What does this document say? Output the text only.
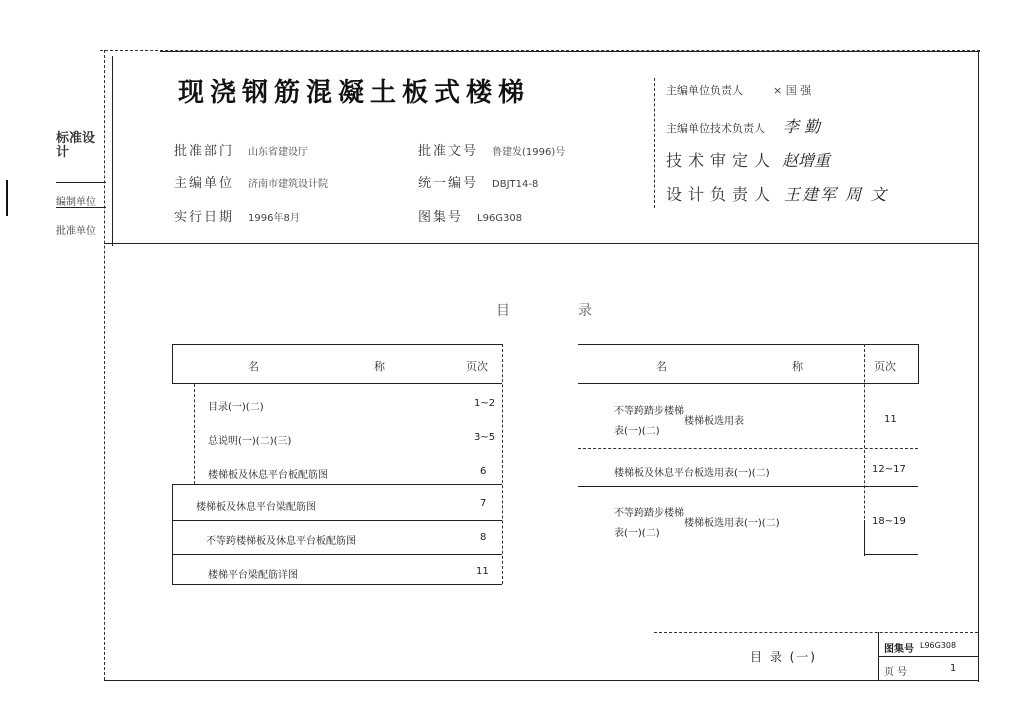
标准设计
编制单位
批准单位
现浇钢筋混凝土板式楼梯
批准部门 山东省建设厅
主编单位 济南市建筑设计院
实行日期 1996年8月
批准文号 鲁建发(1996)号
统一编号 DBJT14-8
图集号 L96G308
主编单位负责人	× 国 强
主编单位技术负责人 李 勤
技术审定人 赵增重
设计负责人 王建军 周 文
目	录
名	称	页次
目录(一)(二)	1~2
总说明(一)(二)(三)	3~5
楼梯板及休息平台板配筋图	6
楼梯板及休息平台梁配筋图	7
不等跨楼梯板及休息平台板配筋图	8
楼梯平台梁配筋详图	11
名	称	页次
不等跨踏步楼梯
表(一)(二)
楼梯板选用表	11
楼梯板及休息平台板选用表(一)(二)	12~17
不等跨踏步楼梯
表(一)(二)
楼梯板选用表(一)(二)	18~19
目 录 (一)
图集号 L96G308
页 号	1
